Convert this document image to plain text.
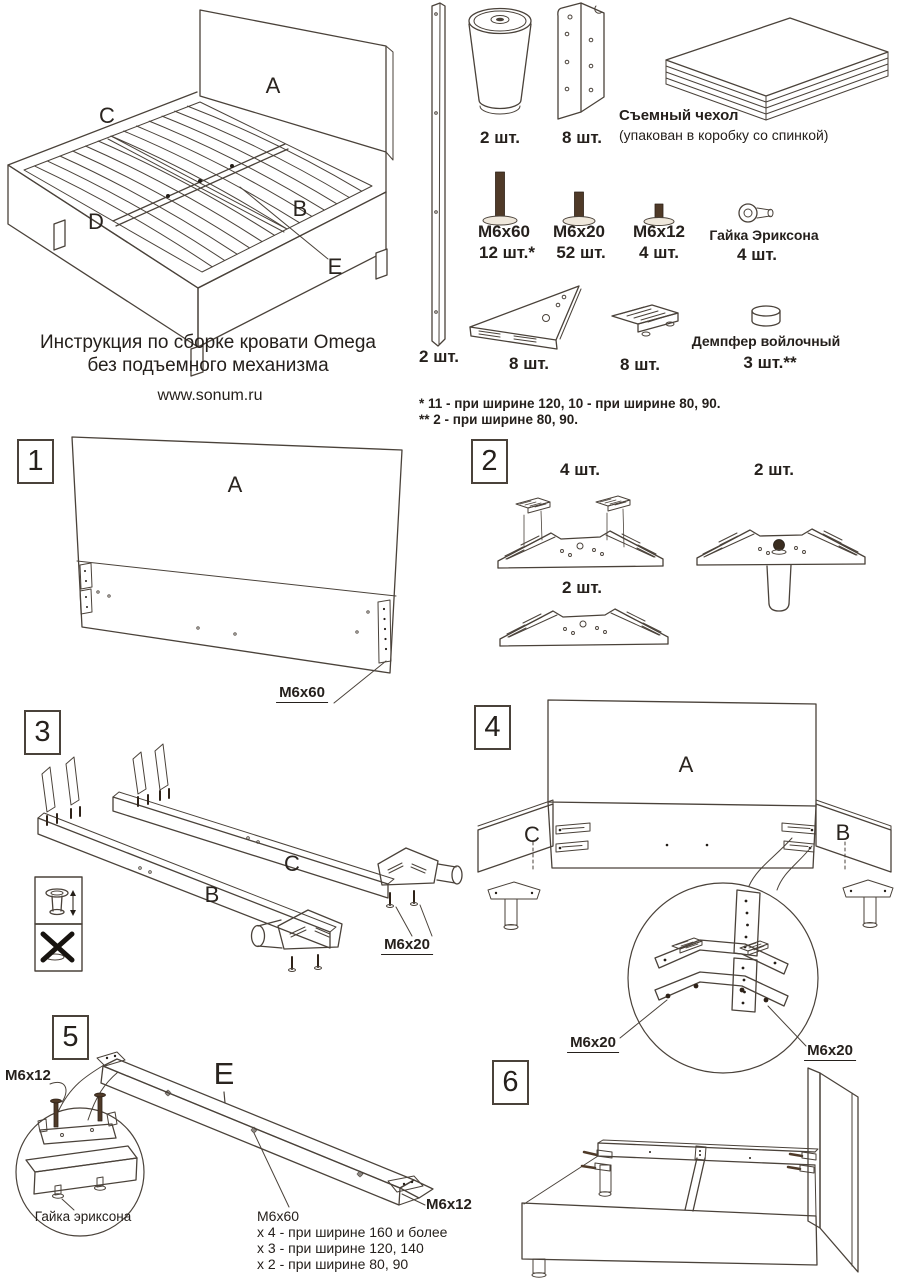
Инструкция по сборке кровати Omega
без подъемного механизма
www.sonum.ru
A
C
D
B
E
2 шт.
2 шт. 8 шт.
Съемный чехол
(упакован в коробку со спинкой)
M6x60
12 шт.*
M6x20
52 шт.
M6x12
4 шт.
Гайка Эриксона
4 шт.
8 шт.	8 шт.
Демпфер войлочный
3 шт.**
* 11 - при ширине 120, 10 - при ширине 80, 90.
** 2 - при ширине 80, 90.
1	2
3	4
5
6
A
M6x60
4 шт.	2 шт.
2 шт.
C
B
M6x20
A
C	B
M6x20	M6x20
M6x12	E
M6x12
Гайка эриксона	M6x60
х 4 - при ширине 160 и более
х 3 - при ширине 120, 140
х 2 - при ширине 80, 90
